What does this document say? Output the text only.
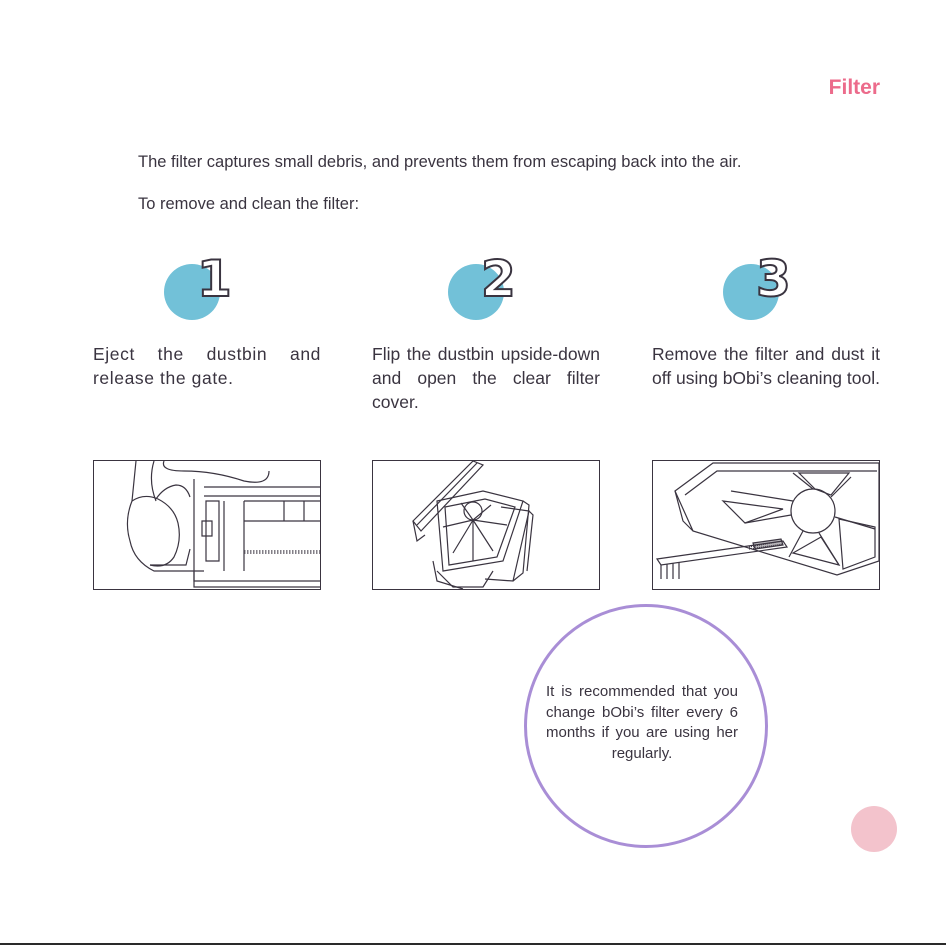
Filter

The filter captures small debris, and prevents them from escaping back into the air.

To remove and clean the filter:

1
Eject the dustbin and release the gate.
2
Flip the dustbin upside-down and open the clear filter cover.
3
Remove the filter and dust it off using bObi’s cleaning tool.
It is recommended that you change bObi’s filter every 6 months if you are using her regularly.
